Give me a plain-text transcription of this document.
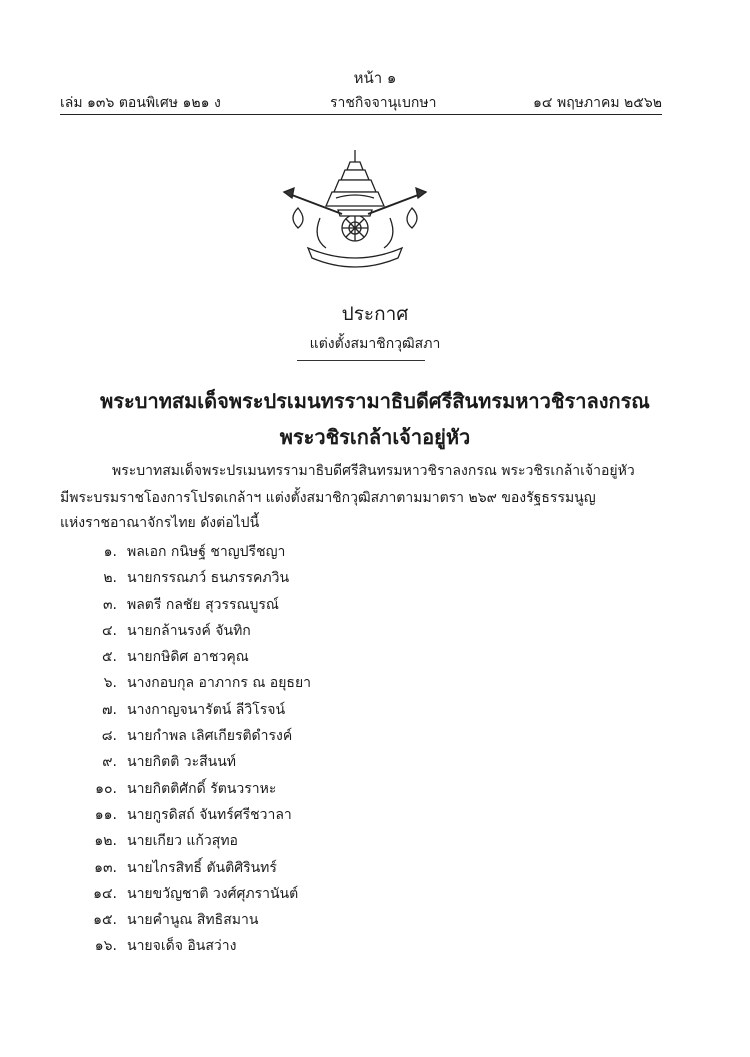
หน้า ๑
เล่ม ๑๓๖ ตอนพิเศษ ๑๒๑ ง	ราชกิจจานุเบกษา	๑๔ พฤษภาคม ๒๕๖๒
ประกาศ
แต่งตั้งสมาชิกวุฒิสภา
พระบาทสมเด็จพระปรเมนทรรามาธิบดีศรีสินทรมหาวชิราลงกรณ
พระวชิรเกล้าเจ้าอยู่หัว
พระบาทสมเด็จพระปรเมนทรรามาธิบดีศรีสินทรมหาวชิราลงกรณ พระวชิรเกล้าเจ้าอยู่หัว
มีพระบรมราชโองการโปรดเกล้าฯ แต่งตั้งสมาชิกวุฒิสภาตามมาตรา ๒๖๙ ของรัฐธรรมนูญ
แห่งราชอาณาจักรไทย ดังต่อไปนี้
๑. พลเอก กนิษฐ์ ชาญปรีชญา
๒. นายกรรณภว์ ธนภรรคภวิน
๓. พลตรี กลชัย สุวรรณบูรณ์
๔. นายกล้านรงค์ จันทิก
๕. นายกษิดิศ อาชวคุณ
๖. นางกอบกุล อาภากร ณ อยุธยา
๗. นางกาญจนารัตน์ ลีวิโรจน์
๘. นายกำพล เลิศเกียรติดำรงค์
๙. นายกิตติ วะสีนนท์
๑๐. นายกิตติศักดิ์ รัตนวราหะ
๑๑. นายกูรดิสถ์ จันทร์ศรีชวาลา
๑๒. นายเกียว แก้วสุทอ
๑๓. นายไกรสิทธิ์ ตันติศิรินทร์
๑๔. นายขวัญชาติ วงศ์ศุภรานันต์
๑๕. นายคำนูณ สิทธิสมาน
๑๖. นายจเด็จ อินสว่าง
